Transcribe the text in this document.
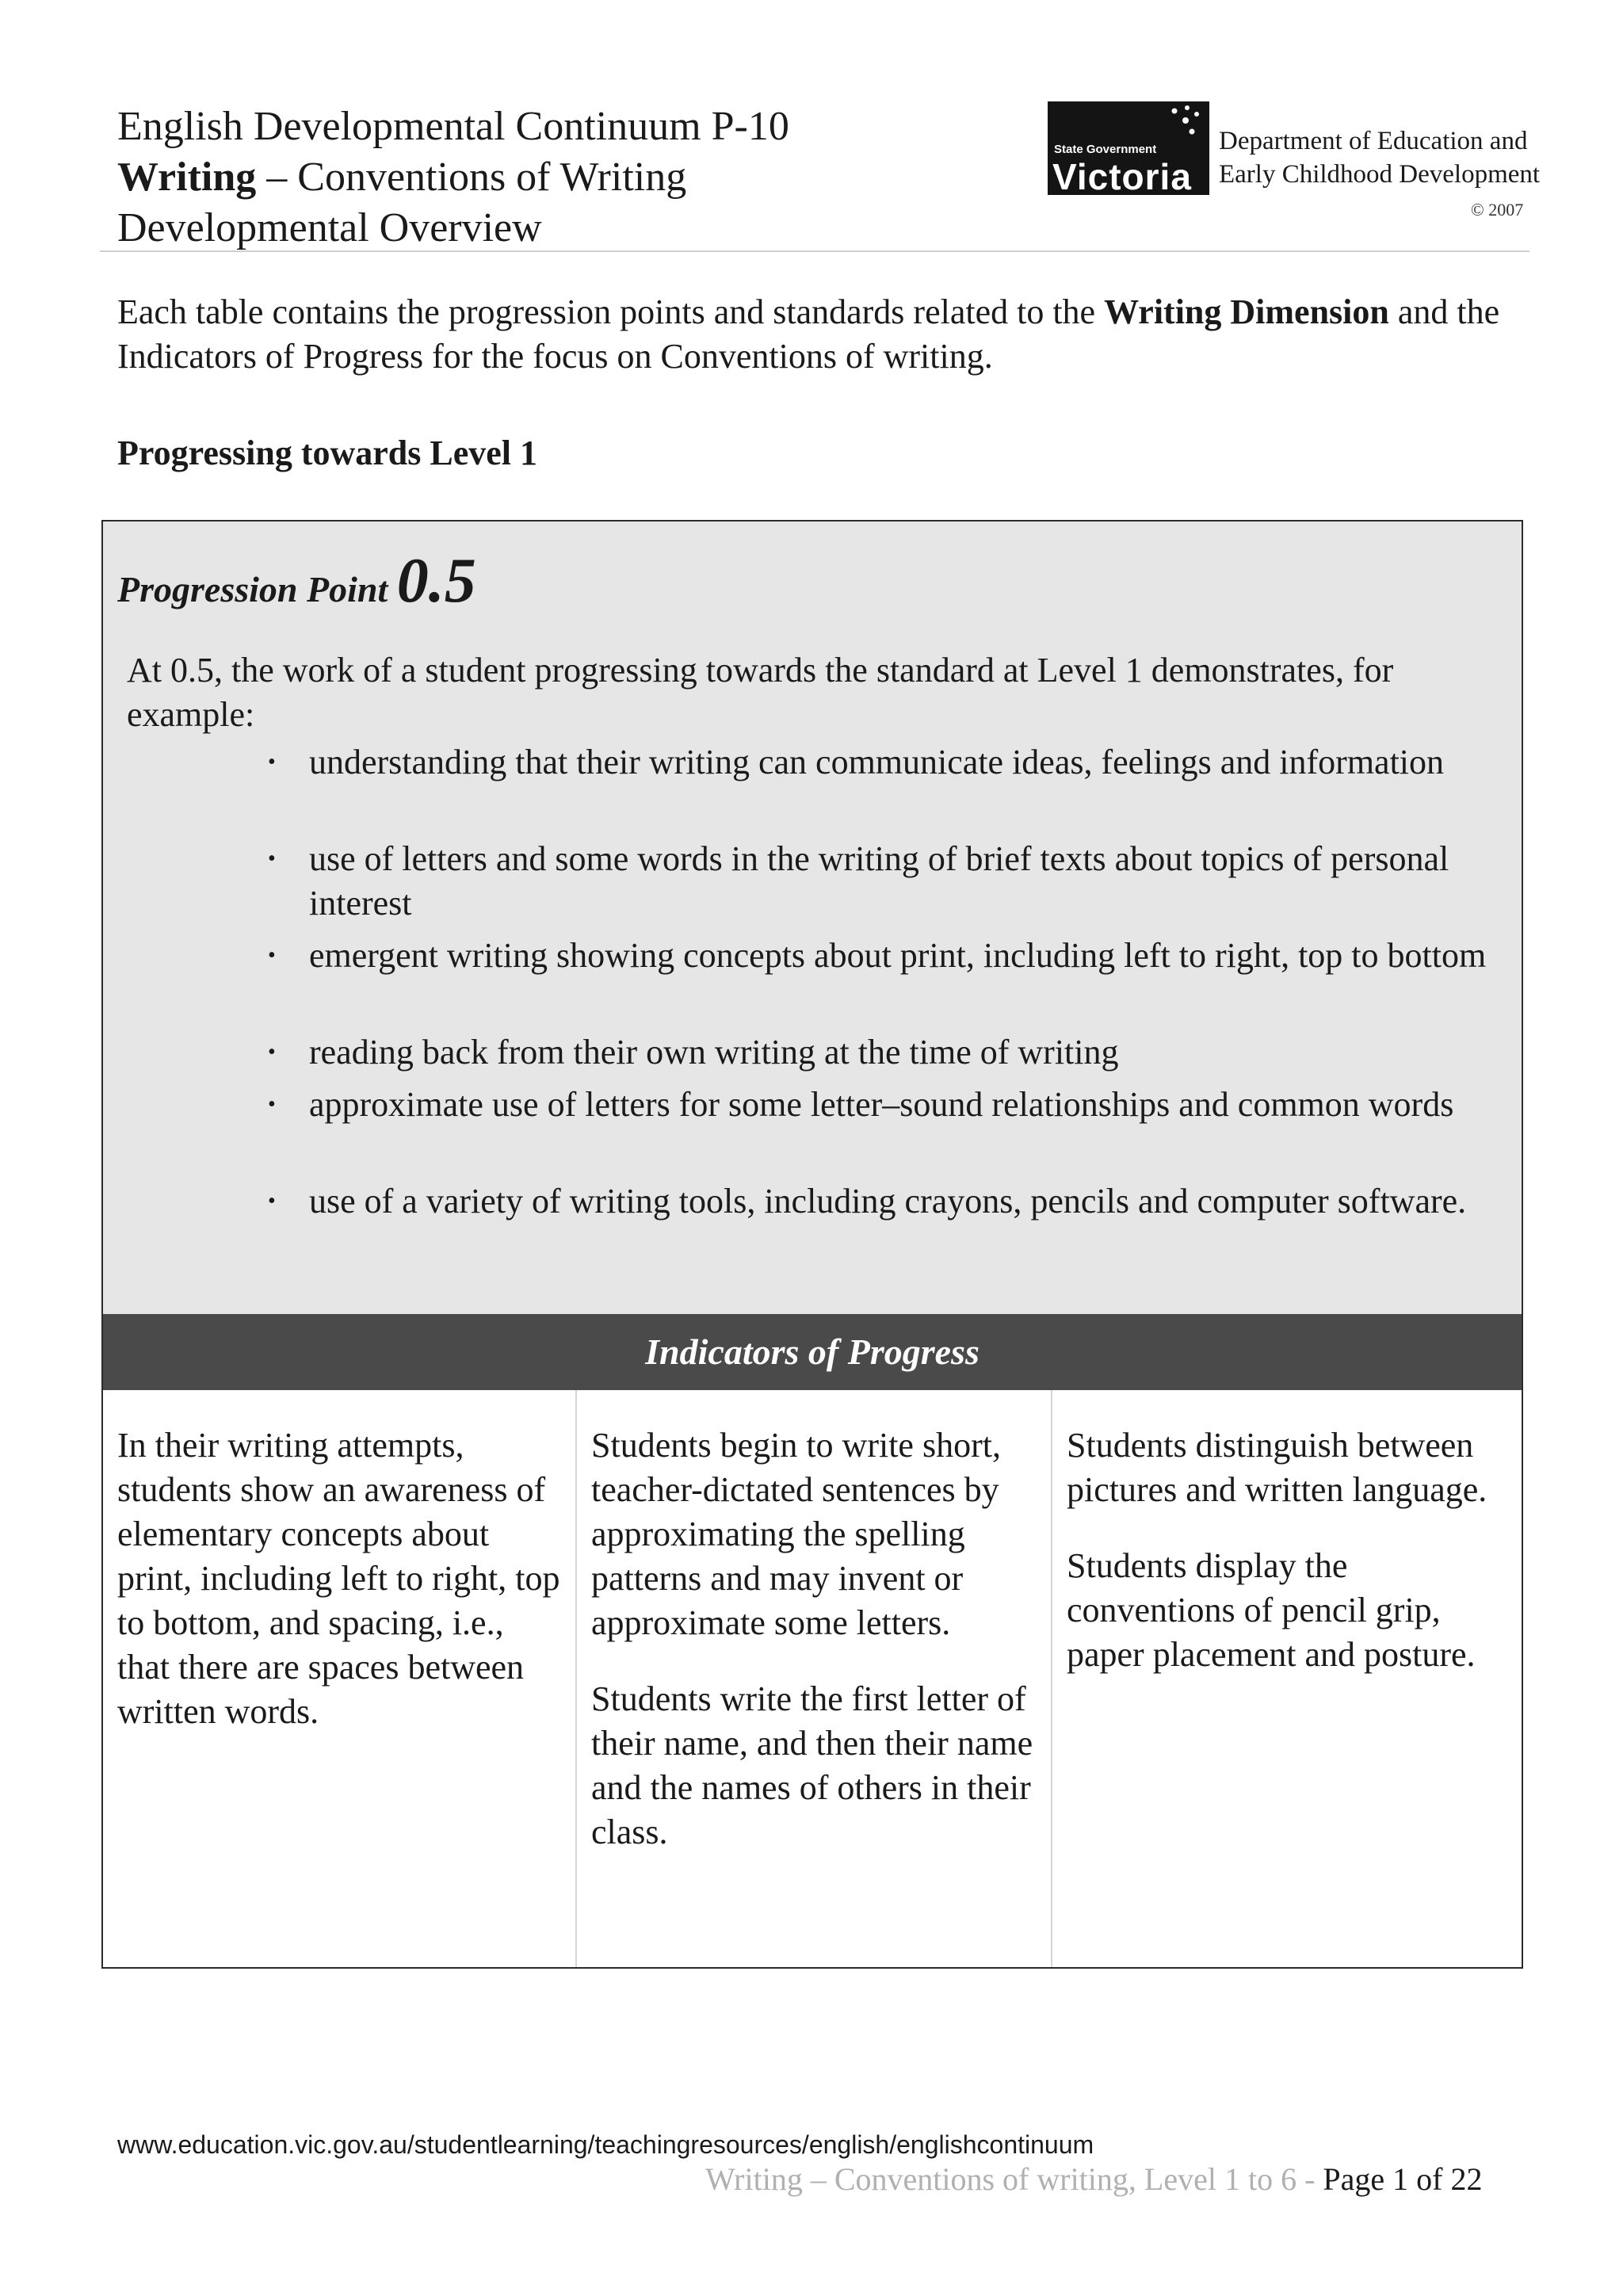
English Developmental Continuum P-10
Writing – Conventions of Writing
Developmental Overview
State Government
Victoria
Department of Education and
Early Childhood Development
© 2007
Each table contains the progression points and standards related to the Writing Dimension and the Indicators of Progress for the focus on Conventions of writing.
Progressing towards Level 1
Progression Point 0.5
At 0.5, the work of a student progressing towards the standard at Level 1 demonstrates, for example:
• understanding that their writing can communicate ideas, feelings and information
• use of letters and some words in the writing of brief texts about topics of personal interest
• emergent writing showing concepts about print, including left to right, top to bottom
• reading back from their own writing at the time of writing
• approximate use of letters for some letter–sound relationships and common words
• use of a variety of writing tools, including crayons, pencils and computer software.
Indicators of Progress

In their writing attempts, students show an awareness of elementary concepts about print, including left to right, top to bottom, and spacing, i.e., that there are spaces between written words.

Students begin to write short, teacher-dictated sentences by approximating the spelling patterns and may invent or approximate some letters.

Students write the first letter of their name, and then their name and the names of others in their class.

Students distinguish between pictures and written language.

Students display the conventions of pencil grip, paper placement and posture.

www.education.vic.gov.au/studentlearning/teachingresources/english/englishcontinuum
Writing – Conventions of writing, Level 1 to 6 - Page 1 of 22
